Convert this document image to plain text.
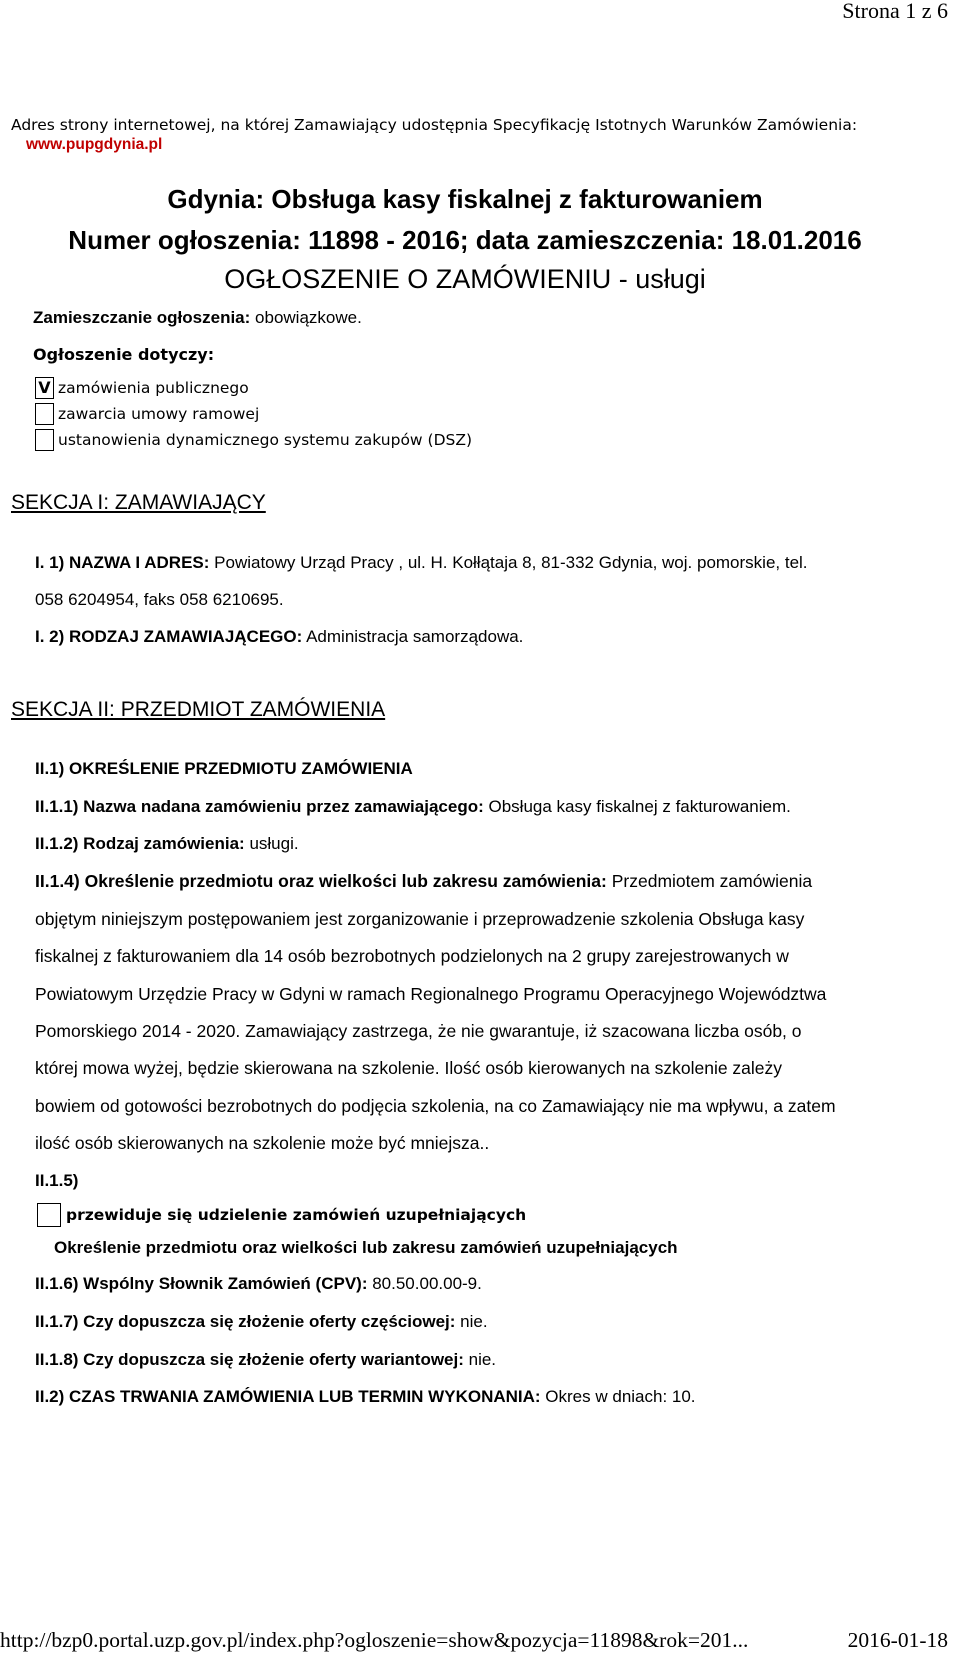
Strona 1 z 6
Adres strony internetowej, na której Zamawiający udostępnia Specyfikację Istotnych Warunków Zamówienia:
www.pupgdynia.pl
Gdynia: Obsługa kasy fiskalnej z fakturowaniem
Numer ogłoszenia: 11898 - 2016; data zamieszczenia: 18.01.2016
OGŁOSZENIE O ZAMÓWIENIU - usługi
Zamieszczanie ogłoszenia: obowiązkowe.
Ogłoszenie dotyczy:
V zamówienia publicznego
zawarcia umowy ramowej
ustanowienia dynamicznego systemu zakupów (DSZ)
SEKCJA I: ZAMAWIAJĄCY
I. 1) NAZWA I ADRES: Powiatowy Urząd Pracy , ul. H. Kołłątaja 8, 81-332 Gdynia, woj. pomorskie, tel.
058 6204954, faks 058 6210695.
I. 2) RODZAJ ZAMAWIAJĄCEGO: Administracja samorządowa.
SEKCJA II: PRZEDMIOT ZAMÓWIENIA
II.1) OKREŚLENIE PRZEDMIOTU ZAMÓWIENIA
II.1.1) Nazwa nadana zamówieniu przez zamawiającego: Obsługa kasy fiskalnej z fakturowaniem.
II.1.2) Rodzaj zamówienia: usługi.
II.1.4) Określenie przedmiotu oraz wielkości lub zakresu zamówienia: Przedmiotem zamówienia
objętym niniejszym postępowaniem jest zorganizowanie i przeprowadzenie szkolenia Obsługa kasy
fiskalnej z fakturowaniem dla 14 osób bezrobotnych podzielonych na 2 grupy zarejestrowanych w
Powiatowym Urzędzie Pracy w Gdyni w ramach Regionalnego Programu Operacyjnego Województwa
Pomorskiego 2014 - 2020. Zamawiający zastrzega, że nie gwarantuje, iż szacowana liczba osób, o
której mowa wyżej, będzie skierowana na szkolenie. Ilość osób kierowanych na szkolenie zależy
bowiem od gotowości bezrobotnych do podjęcia szkolenia, na co Zamawiający nie ma wpływu, a zatem
ilość osób skierowanych na szkolenie może być mniejsza..
II.1.5)
przewiduje się udzielenie zamówień uzupełniających
Określenie przedmiotu oraz wielkości lub zakresu zamówień uzupełniających
II.1.6) Wspólny Słownik Zamówień (CPV): 80.50.00.00-9.
II.1.7) Czy dopuszcza się złożenie oferty częściowej: nie.
II.1.8) Czy dopuszcza się złożenie oferty wariantowej: nie.
II.2) CZAS TRWANIA ZAMÓWIENIA LUB TERMIN WYKONANIA: Okres w dniach: 10.
http://bzp0.portal.uzp.gov.pl/index.php?ogloszenie=show&pozycja=11898&rok=201...	2016-01-18
